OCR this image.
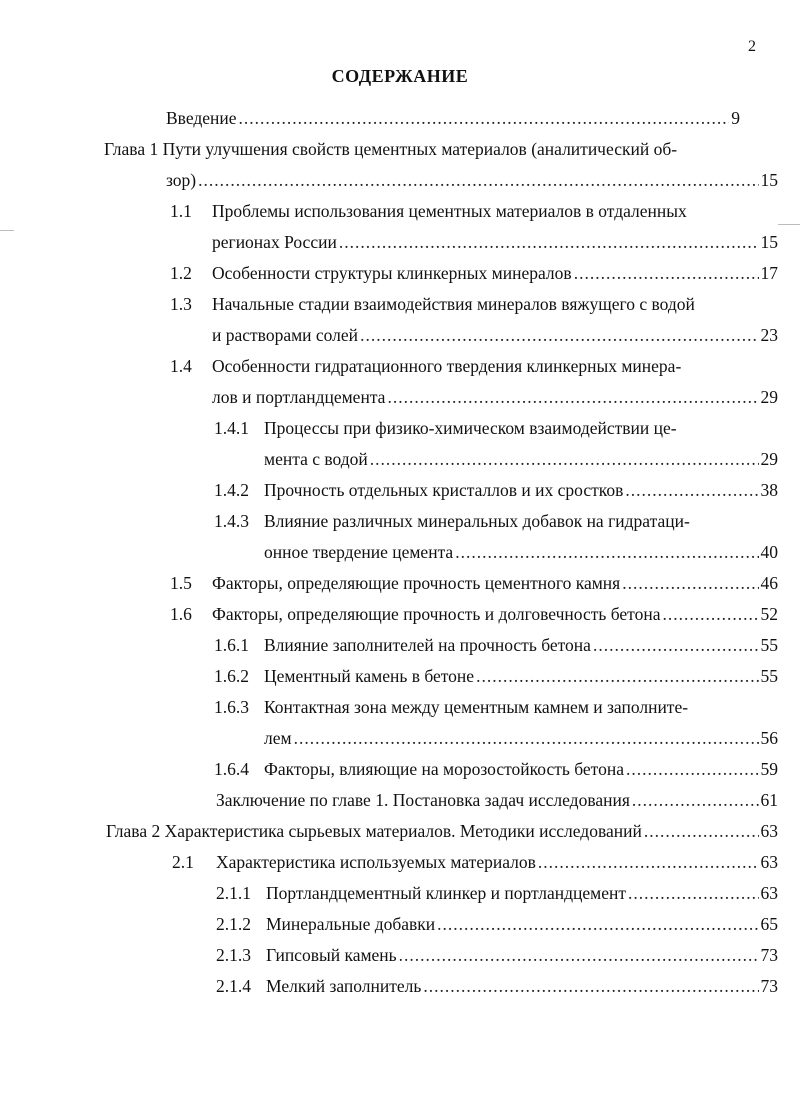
2
СОДЕРЖАНИЕ
Введение .....	9
Глава 1 Пути улучшения свойств цементных материалов (аналитический об-
зор) .....	15
1.1	Проблемы использования цементных материалов в отдаленных
регионах России .....	15
1.2	Особенности структуры клинкерных минералов .....	17
1.3	Начальные стадии взаимодействия минералов вяжущего с водой
и растворами солей .....	23
1.4	Особенности гидратационного твердения клинкерных минера-
лов и портландцемента .....	29
1.4.1 Процессы при физико-химическом взаимодействии це-
мента с водой .....	29
1.4.2 Прочность отдельных кристаллов и их сростков .....	38
1.4.3 Влияние различных минеральных добавок на гидратаци-
онное твердение цемента .....	40
1.5	Факторы, определяющие прочность цементного камня .....	46
1.6	Факторы, определяющие прочность и долговечность бетона .....	52
1.6.1 Влияние заполнителей на прочность бетона .....	55
1.6.2 Цементный камень в бетоне .....	55
1.6.3 Контактная зона между цементным камнем и заполните-
лем .....	56
1.6.4 Факторы, влияющие на морозостойкость бетона .....	59
Заключение по главе 1. Постановка задач исследования .....	61
Глава 2 Характеристика сырьевых материалов. Методики исследований .....	63
2.1	Характеристика используемых материалов .....	63
2.1.1 Портландцементный клинкер и портландцемент .....	63
2.1.2 Минеральные добавки .....	65
2.1.3 Гипсовый камень .....	73
2.1.4 Мелкий заполнитель .....	73
